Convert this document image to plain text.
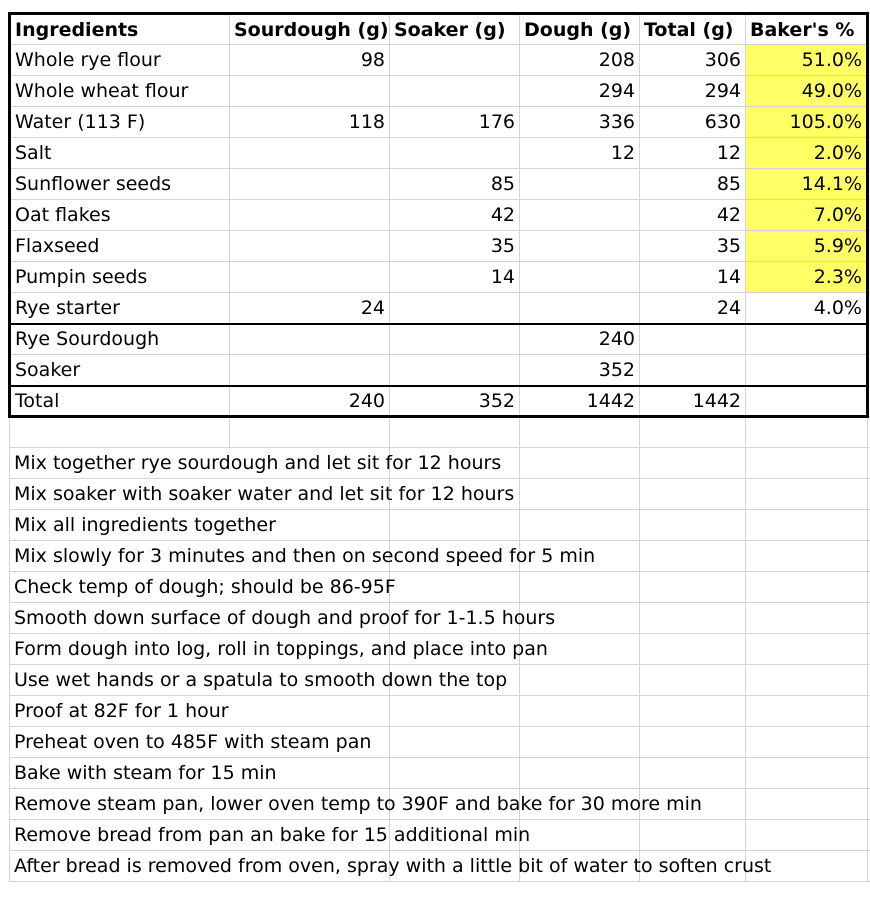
Ingredients	Sourdough (g)	Soaker (g)	Dough (g)	Total (g)	Baker's %	
Whole rye flour	98		208	306	51.0%	
Whole wheat flour			294	294	49.0%	
Water (113 F)	118	176	336	630	105.0%	
Salt			12	12	2.0%	
Sunflower seeds		85		85	14.1%	
Oat flakes		42		42	7.0%	
Flaxseed		35		35	5.9%	
Pumpin seeds		14		14	2.3%	
Rye starter	24			24	4.0%	
Rye Sourdough			240			
Soaker			352			
Total	240	352	1442	1442		

Mix together rye sourdough and let sit for 12 hours						

Mix soaker with soaker water and let sit for 12 hours						

Mix all ingredients together						

Mix slowly for 3 minutes and then on second speed for 5 min						

Check temp of dough; should be 86-95F						

Smooth down surface of dough and proof for 1-1.5 hours						

Form dough into log, roll in toppings, and place into pan						

Use wet hands or a spatula to smooth down the top						

Proof at 82F for 1 hour						

Preheat oven to 485F with steam pan						

Bake with steam for 15 min						

Remove steam pan, lower oven temp to 390F and bake for 30 more min						

Remove bread from pan an bake for 15 additional min						

After bread is removed from oven, spray with a little bit of water to soften crust						
